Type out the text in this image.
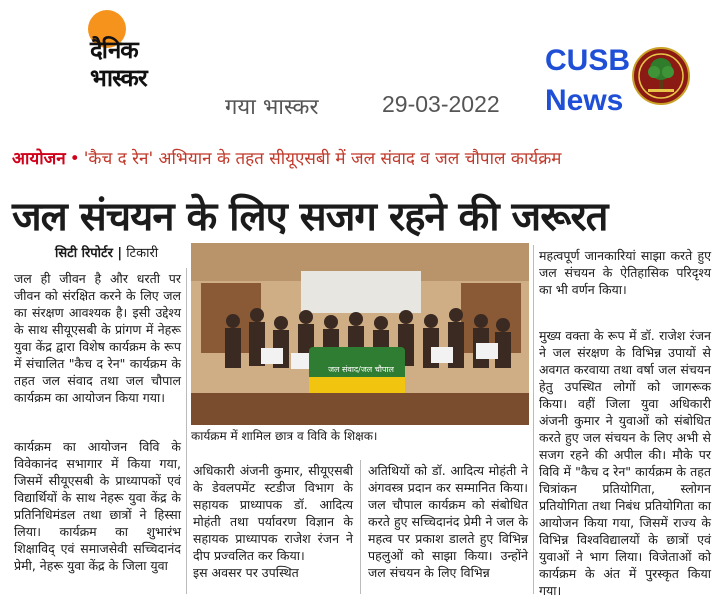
दैनिक भास्कर
गया भास्कर	29-03-2022
CUSB
News
आयोजन • 'कैच द रेन' अभियान के तहत सीयूएसबी में जल संवाद व जल चौपाल कार्यक्रम
जल संचयन के लिए सजग रहने की जरूरत
सिटी रिपोर्टर | टिकारी
जल संवाद/जल चौपाल
कार्यक्रम में शामिल छात्र व विवि के शिक्षक।

जल ही जीवन है और धरती पर जीवन को संरक्षित करने के लिए जल का संरक्षण आवश्यक है। इसी उद्देश्य के साथ सीयूएसबी के प्रांगण में नेहरू युवा केंद्र द्वारा विशेष कार्यक्रम के रूप में संचालित "कैच द रेन" कार्यक्रम के तहत जल संवाद तथा जल चौपाल कार्यक्रम का आयोजन किया गया।

कार्यक्रम का आयोजन विवि के विवेकानंद सभागार में किया गया, जिसमें सीयूएसबी के प्राध्यापकों एवं विद्यार्थियों के साथ नेहरू युवा केंद्र के प्रतिनिधिमंडल तथा छात्रों ने हिस्सा लिया। कार्यक्रम का शुभारंभ शिक्षाविद् एवं समाजसेवी सच्चिदानंद प्रेमी, नेहरू युवा केंद्र के जिला युवा

अधिकारी अंजनी कुमार, सीयूएसबी के डेवलपमेंट स्टडीज विभाग के सहायक प्राध्यापक डॉ. आदित्य मोहंती तथा पर्यावरण विज्ञान के सहायक प्राध्यापक राजेश रंजन ने दीप प्रज्वलित कर किया।

इस अवसर पर उपस्थित

अतिथियों को डॉ. आदित्य मोहंती ने अंगवस्त्र प्रदान कर सम्मानित किया। जल चौपाल कार्यक्रम को संबोधित करते हुए सच्चिदानंद प्रेमी ने जल के महत्व पर प्रकाश डालते हुए विभिन्न पहलुओं को साझा किया। उन्होंने जल संचयन के लिए विभिन्न

महत्वपूर्ण जानकारियां साझा करते हुए जल संचयन के ऐतिहासिक परिदृश्य का भी वर्णन किया।

मुख्य वक्ता के रूप में डॉ. राजेश रंजन ने जल संरक्षण के विभिन्न उपायों से अवगत करवाया तथा वर्षा जल संचयन हेतु उपस्थित लोगों को जागरूक किया। वहीं जिला युवा अधिकारी अंजनी कुमार ने युवाओं को संबोधित करते हुए जल संचयन के लिए अभी से सजग रहने की अपील की। मौके पर विवि में "कैच द रेन" कार्यक्रम के तहत चित्रांकन प्रतियोगिता, स्लोगन प्रतियोगिता तथा निबंध प्रतियोगिता का आयोजन किया गया, जिसमें राज्य के विभिन्न विश्वविद्यालयों के छात्रों एवं युवाओं ने भाग लिया। विजेताओं को कार्यक्रम के अंत में पुरस्कृत किया गया।
